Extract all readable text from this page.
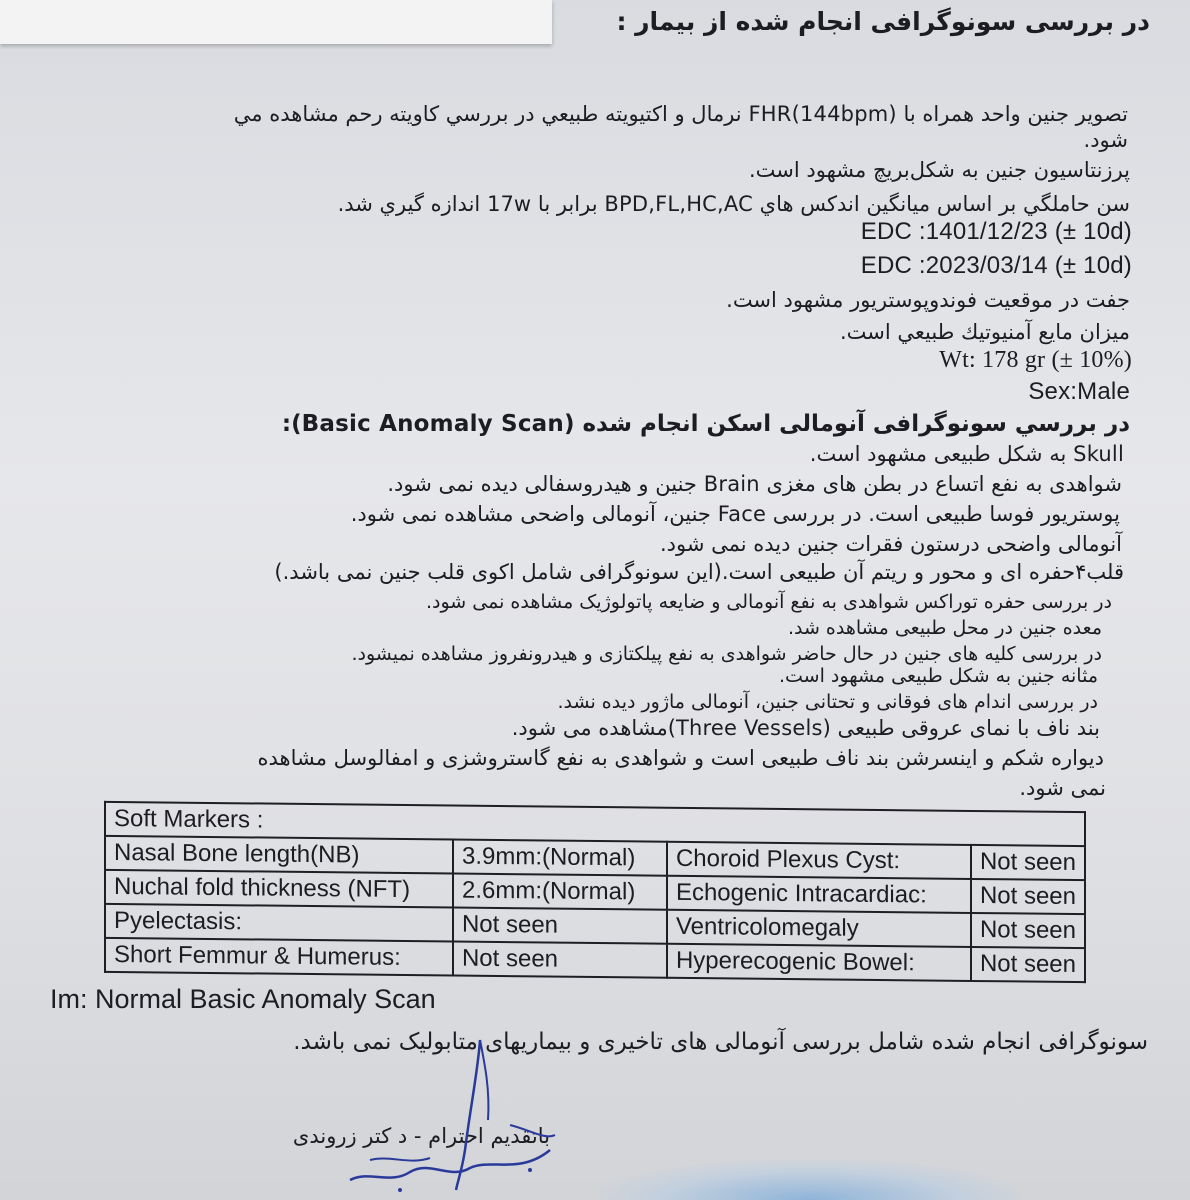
در بررسی سونوگرافی انجام شده از بیمار :
تصوير جنين واحد همراه با FHR(144bpm) نرمال و اكتيويته طبيعي در بررسي كاويته رحم مشاهده مي
شود.
پرزنتاسيون جنين به شكل‌بريچ مشهود است.
سن حاملگي بر اساس ميانگين اندكس هاي BPD,FL,HC,AC برابر با 17w اندازه گيري شد.
EDC :1401/12/23 (± 10d)
EDC :2023/03/14 (± 10d)
جفت در موقعيت فوندوپوستريور مشهود است.
ميزان مايع آمنيوتيك طبيعي است.
Wt: 178 gr (± 10%)
Sex:Male
در بررسي سونوگرافی آنومالی اسکن انجام شده (Basic Anomaly Scan):
Skull به شکل طبیعی مشهود است.
شواهدی به نفع اتساع در بطن های مغزی Brain جنین و هیدروسفالی دیده نمی شود.
پوستریور فوسا طبیعی است. در بررسی Face جنین، آنومالی واضحی مشاهده نمی شود.
آنومالی واضحی درستون فقرات جنین دیده نمی شود.
قلب۴حفره ای و محور و ریتم آن طبیعی است.(این سونوگرافی شامل اکوی قلب جنین نمی باشد.)
در بررسی حفره توراکس شواهدی به نفع آنومالی و ضایعه پاتولوژیک مشاهده نمی شود.
معده جنین در محل طبیعی مشاهده شد.
در بررسی کلیه های جنین در حال حاضر شواهدی به نفع پیلکتازی و هیدرونفروز مشاهده نمیشود.
مثانه جنین به شکل طبیعی مشهود است.
در بررسی اندام های فوقانی و تحتانی جنین، آنومالی ماژور دیده نشد.
بند ناف با نمای عروقی طبیعی (Three Vessels)مشاهده می شود.
دیواره شکم و اینسرشن بند ناف طبیعی است و شواهدی به نفع گاستروشزی و امفالوسل مشاهده
نمی شود.
Soft Markers :			
Nasal Bone length(NB)	3.9mm:(Normal)	Choroid Plexus Cyst:	Not seen
Nuchal fold thickness (NFT)	2.6mm:(Normal)	Echogenic Intracardiac:	Not seen
Pyelectasis:	Not seen	Ventricolomegaly	Not seen
Short Femmur & Humerus:	Not seen	Hyperecogenic Bowel:	Not seen
Im: Normal Basic Anomaly Scan
سونوگرافی انجام شده شامل بررسی آنومالی های تاخیری و بیماریهای متابولیک نمی باشد.
باتقدیم احترام - د کتر زروندی
